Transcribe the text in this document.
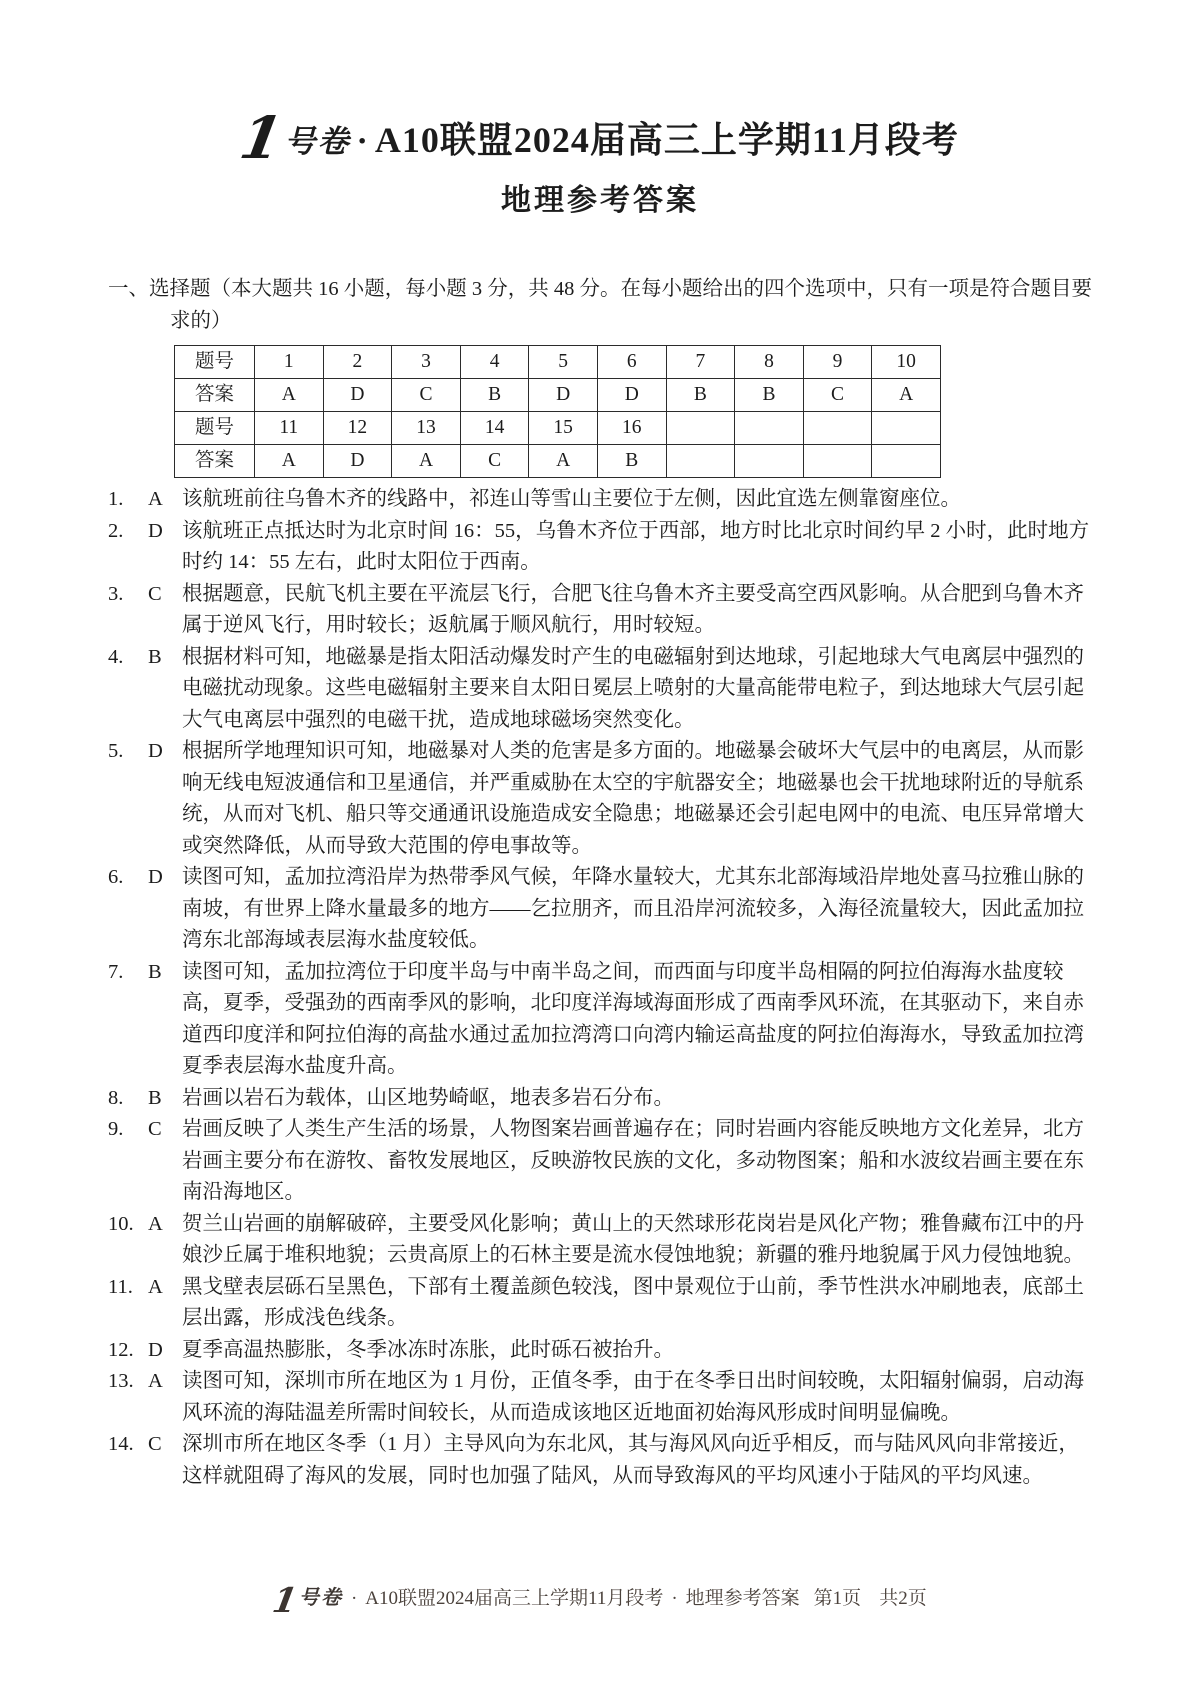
1号卷 · A10联盟2024届高三上学期11月段考
地理参考答案
一、选择题（本大题共 16 小题，每小题 3 分，共 48 分。在每小题给出的四个选项中，只有一项是符合题目要求的）
题号	1	2	3	4	5	6	7	8	9	10
答案	A	D	C	B	D	D	B	B	C	A
题号	11	12	13	14	15	16				
答案	A	D	A	C	A	B				
1.	A 该航班前往乌鲁木齐的线路中，祁连山等雪山主要位于左侧，因此宜选左侧靠窗座位。
2.	D 该航班正点抵达时为北京时间 16：55，乌鲁木齐位于西部，地方时比北京时间约早 2 小时，此时地方时约 14：55 左右，此时太阳位于西南。
3.	C 根据题意，民航飞机主要在平流层飞行，合肥飞往乌鲁木齐主要受高空西风影响。从合肥到乌鲁木齐属于逆风飞行，用时较长；返航属于顺风航行，用时较短。
4.	B 根据材料可知，地磁暴是指太阳活动爆发时产生的电磁辐射到达地球，引起地球大气电离层中强烈的电磁扰动现象。这些电磁辐射主要来自太阳日冕层上喷射的大量高能带电粒子，到达地球大气层引起大气电离层中强烈的电磁干扰，造成地球磁场突然变化。
5.	D 根据所学地理知识可知，地磁暴对人类的危害是多方面的。地磁暴会破坏大气层中的电离层，从而影响无线电短波通信和卫星通信，并严重威胁在太空的宇航器安全；地磁暴也会干扰地球附近的导航系统，从而对飞机、船只等交通通讯设施造成安全隐患；地磁暴还会引起电网中的电流、电压异常增大或突然降低，从而导致大范围的停电事故等。
6.	D 读图可知，孟加拉湾沿岸为热带季风气候，年降水量较大，尤其东北部海域沿岸地处喜马拉雅山脉的南坡，有世界上降水量最多的地方——乞拉朋齐，而且沿岸河流较多，入海径流量较大，因此孟加拉湾东北部海域表层海水盐度较低。
7.	B 读图可知，孟加拉湾位于印度半岛与中南半岛之间，而西面与印度半岛相隔的阿拉伯海海水盐度较高，夏季，受强劲的西南季风的影响，北印度洋海域海面形成了西南季风环流，在其驱动下，来自赤道西印度洋和阿拉伯海的高盐水通过孟加拉湾湾口向湾内输运高盐度的阿拉伯海海水，导致孟加拉湾夏季表层海水盐度升高。
8.	B 岩画以岩石为载体，山区地势崎岖，地表多岩石分布。
9.	C 岩画反映了人类生产生活的场景，人物图案岩画普遍存在；同时岩画内容能反映地方文化差异，北方岩画主要分布在游牧、畜牧发展地区，反映游牧民族的文化，多动物图案；船和水波纹岩画主要在东南沿海地区。
10. A 贺兰山岩画的崩解破碎，主要受风化影响；黄山上的天然球形花岗岩是风化产物；雅鲁藏布江中的丹娘沙丘属于堆积地貌；云贵高原上的石林主要是流水侵蚀地貌；新疆的雅丹地貌属于风力侵蚀地貌。
11. A 黑戈壁表层砾石呈黑色，下部有土覆盖颜色较浅，图中景观位于山前，季节性洪水冲刷地表，底部土层出露，形成浅色线条。
12. D 夏季高温热膨胀，冬季冰冻时冻胀，此时砾石被抬升。
13. A 读图可知，深圳市所在地区为 1 月份，正值冬季，由于在冬季日出时间较晚，太阳辐射偏弱，启动海风环流的海陆温差所需时间较长，从而造成该地区近地面初始海风形成时间明显偏晚。
14. C 深圳市所在地区冬季（1 月）主导风向为东北风，其与海风风向近乎相反，而与陆风风向非常接近，这样就阻碍了海风的发展，同时也加强了陆风，从而导致海风的平均风速小于陆风的平均风速。
1号卷 · A10联盟2024届高三上学期11月段考 · 地理参考答案 第1页 共2页
